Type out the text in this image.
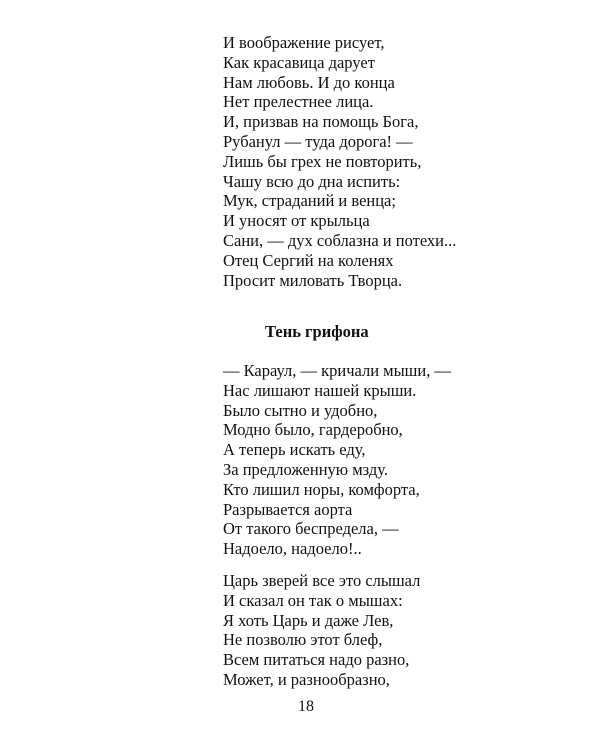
И воображение рисует,
Как красавица дарует
Нам любовь. И до конца
Нет прелестнее лица.
И, призвав на помощь Бога,
Рубанул — туда дорога! —
Лишь бы грех не повторить,
Чашу всю до дна испить:
Мук, страданий и венца;
И уносят от крыльца
Сани, — дух соблазна и потехи...
Отец Сергий на коленях
Просит миловать Творца.
Тень грифона
— Караул, — кричали мыши, —
Нас лишают нашей крыши.
Было сытно и удобно,
Модно было, гардеробно,
А теперь искать еду,
За предложенную мзду.
Кто лишил норы, комфорта,
Разрывается аорта
От такого беспредела, —
Надоело, надоело!..
Царь зверей все это слышал
И сказал он так о мышах:
Я хоть Царь и даже Лев,
Не позволю этот блеф,
Всем питаться надо разно,
Может, и разнообразно,
18
